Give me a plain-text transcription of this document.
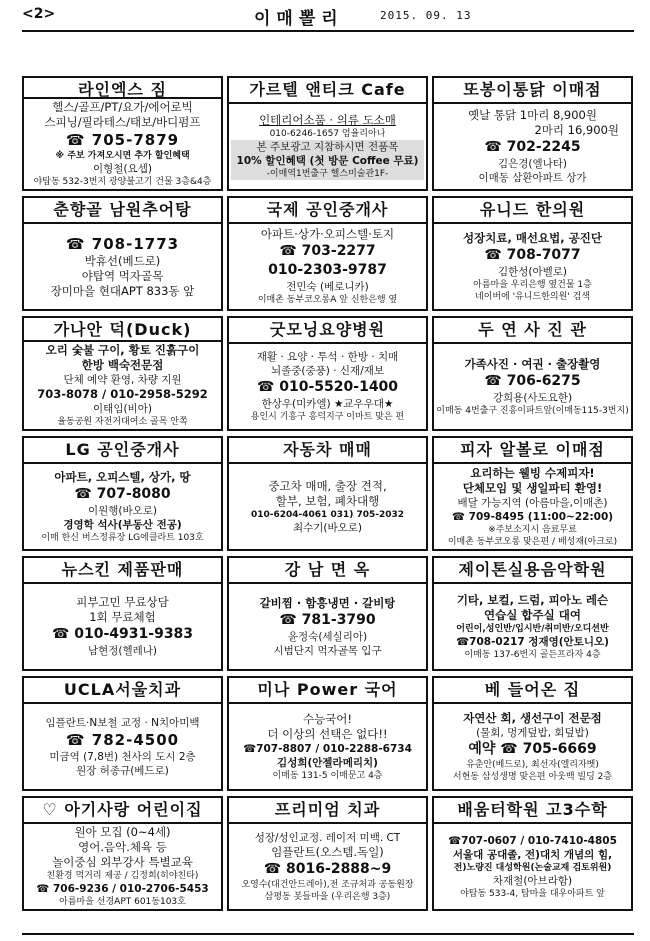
<2>	이매뽈리	2015. 09. 13
라인엑스 짐
헬스/골프/PT/요가/에어로빅
스피닝/필라테스/태보/바디펌프
☎ 705-7879
※ 주보 가져오시면 추가 할인혜택
이형철(요셉)
야탑동 532-3번지 광양불고기 건물 3층&4층
가르텔 앤티크 Cafe
인테리어소품 · 의류 도소매
010-6246-1657 엄율리아나
본 주보광고 지참하시면 전품목
10% 할인혜택 (첫 방문 Coffee 무료)
-이매역1번출구 헬스미술관1F-
또봉이통닭 이매점
옛날 통닭 1마리 8,900원
2마리 16,900원
☎ 702-2245
김은경(엘나타)
이매동 삼환아파트 상가
춘향골 남원추어탕
☎ 708-1773
박휴선(베드로)
야탑역 먹자골목
장미마을 현대APT 833동 앞
국제 공인중개사
아파트·상가·오피스텔·토지
☎ 703-2277
010-2303-9787
전민숙 (베로니카)
이매촌 동부코오롱A 앞 신한은행 옆
유니드 한의원
성장치료, 매선요법, 공진단
☎ 708-7077
김한성(아벨로)
아름마을 우리은행 옆건물 1층
네이버에 '유니드한의원' 검색
가나안 덕(Duck)
오리 숯불 구이, 황토 진흙구이
한방 백숙전문점
단체 예약 환영, 차량 지원
703-8078 / 010-2958-5292
이태임(비아)
율동공원 자전거대여소 골목 안쪽
굿모닝요양병원
재활 · 요양 · 투석 · 한방 · 치매
뇌졸중(중풍) · 신재/재보
☎ 010-5520-1400
한상우(미카엘) ★교우우대★
용인시 기흥구 흥덕지구 이마트 맞은 편
두 연 사 진 관
가족사진 · 여권 · 출장촬영
☎ 706-6275
강희용(사도요한)
이매동 4번출구 진흥이파트앞(이매동115-3번지)
LG 공인중개사
아파트, 오피스텔, 상가, 땅
☎ 707-8080
이원행(바오로)
경영학 석사(부동산 전공)
이매 한신 버스정류장 LG에클라트 103호
자동차 매매
중고차 매매, 출장 견적,
할부, 보험, 폐차대행
010-6204-4061 031) 705-2032
최수기(바오로)
피자 알볼로 이매점
요리하는 웰빙 수제피자!
단체모임 및 생일파티 환영!
배달 가능지역 (아름마을,이매촌)
☎ 709-8495 (11:00~22:00)
※주보소지시 음료무료
이매촌 동부코오롱 맞은편 / 배성재(아크로)
뉴스킨 제품판매
피부고민 무료상담
1회 무료체험
☎ 010-4931-9383
남현정(헬레나)
강 남 면 옥
갈비찜 · 함흥냉면 · 갈비탕
☎ 781-3790
윤정숙(세실리아)
시범단지 먹자골목 입구
제이톤실용음악학원
기타, 보컬, 드럼, 피아노 레슨
연습실 합주실 대여
어린이,성인반/입시반/취미반/오디션반
☎708-0217 정재영(안토니오)
이매동 137-6번지 골든프라자 4층
UCLA서울치과
임플란트·N보철 교정 · N치아미백
☎ 782-4500
미금역 (7,8번) 천사의 도시 2층
원장 허종규(베드로)
미나 Power 국어
수능국어!
더 이상의 선택은 없다!!
☎707-8807 / 010-2288-6734
김성희(안젤라메리치)
이매동 131-5 이매문고 4층
베 들어온 집
자연산 회, 생선구이 전문점
(물회, 멍게덮밥, 회덮밥)
예약 ☎ 705-6669
유춘안(베드로), 최선자(엘리자벳)
서현동 삼성생명 맞은편 아웃백 빌딩 2층
♡ 아기사랑 어린이집
원아 모집 (0~4세)
영어.음악.체육 등
놀이중심 외부강사 특별교육
친환경 먹거리 제공 / 김정희(히야친타)
☎ 706-9236 / 010-2706-5453
아름마을 선경APT 601동103호
프리미엄 치과
성장/성인교정. 레이저 미백. CT
임플란트(오스템.독일)
☎ 8016-2888~9
오영수(대건안드레아),전 조규처과 공동원장
삼평동 봇들마을 (우리은행 3층)
배움터학원 고3수학
☎707-0607 / 010-7410-4805
서울대 공대졸, 전)대치 개념의 힘,
전)노량진 대성학원(논술교재 검토위원)
차재철(아브라함)
야탑동 533-4, 탑마을 대우아파트 앞
